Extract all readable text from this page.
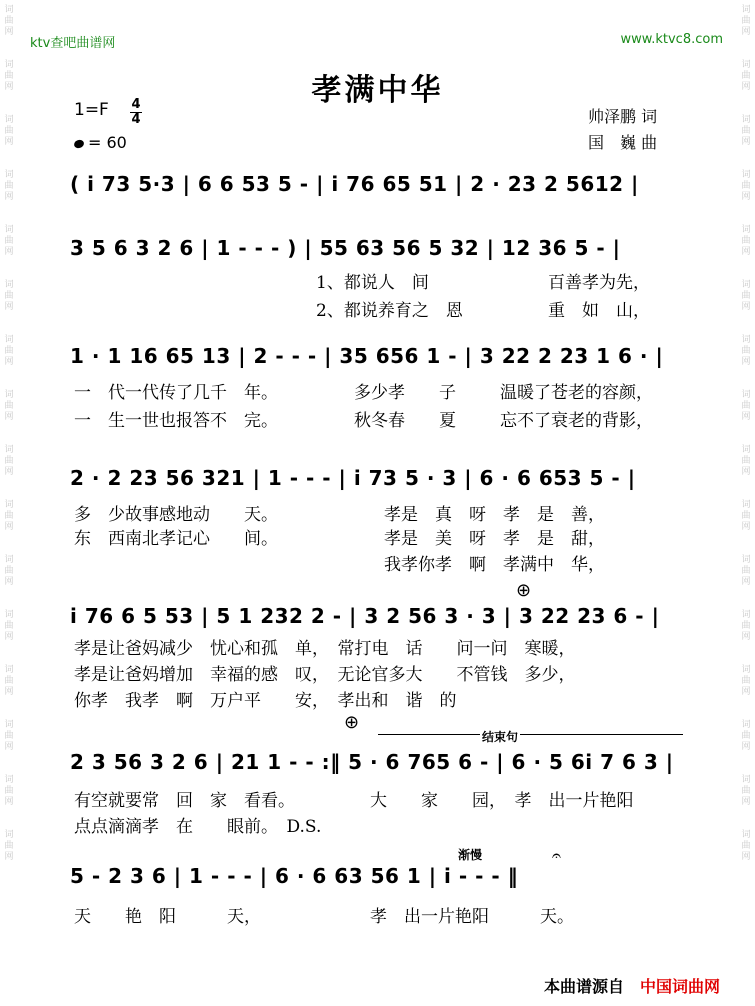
ktv查吧曲谱网	www.ktvc8.com
词曲网
词曲网
词曲网
词曲网
词曲网
词曲网
词曲网
词曲网
词曲网
词曲网
词曲网
词曲网
词曲网
词曲网
词曲网
词曲网
词曲网
词曲网
词曲网
词曲网
词曲网
词曲网
词曲网
词曲网
词曲网
词曲网
词曲网
词曲网
词曲网
词曲网
词曲网
词曲网
孝满中华
1=F 4
4
= 60
帅泽鹏 词
国　巍 曲
( i 73 5·3 | 6 6 53 5 - | i 76 65 51 | 2 · 23 2 5612 |
3 5 6 3 2 6 | 1 - - - ) | 55 63 56 5 32 | 12 36 5 - |
1、都说人　间	百善孝为先，
2、都说养育之　恩	重　如　山，
1 · 1 16 65 13 | 2 - - - | 35 656 1 - | 3 22 2 23 1 6 · |
一　代一代传了几千　年。	多少孝　　子	温暖了苍老的容颜，
一　生一世也报答不　完。	秋冬春　　夏	忘不了衰老的背影，
2 · 2 23 56 321 | 1 - - - | i 73 5 · 3 | 6 · 6 653 5 - |
多　少故事感地动　　天。	孝是　真　呀　孝　是　善，
东　西南北孝记心　　间。	孝是　美　呀　孝　是　甜，
我孝你孝　啊　孝满中　华，
⊕
i 76 6 5 53 | 5 1 232 2 - | 3 2 56 3 · 3 | 3 22 23 6 - |
孝是让爸妈减少　忧心和孤　单，　常打电　话　　问一问　寒暖，
孝是让爸妈增加　幸福的感　叹，　无论官多大　　不管钱　多少，
你孝　我孝　啊　万户平　　安，　孝出和　谐　的
⊕
结束句
2 3 56 3 2 6 | 21 1 - - :‖ 5 · 6 765 6 - | 6 · 5 6i 7 6 3 |
有空就要常　回　家　看看。	大　　家　　园，　孝　出一片艳阳
点点滴滴孝　在　　眼前。　D.S.
渐慢	𝄐
5 - 2 3 6 | 1 - - - | 6 · 6 63 56 1 | i - - - ‖
天　　艳　阳　　　天，	孝　出一片艳阳　　　天。
本曲谱源自 中国词曲网
